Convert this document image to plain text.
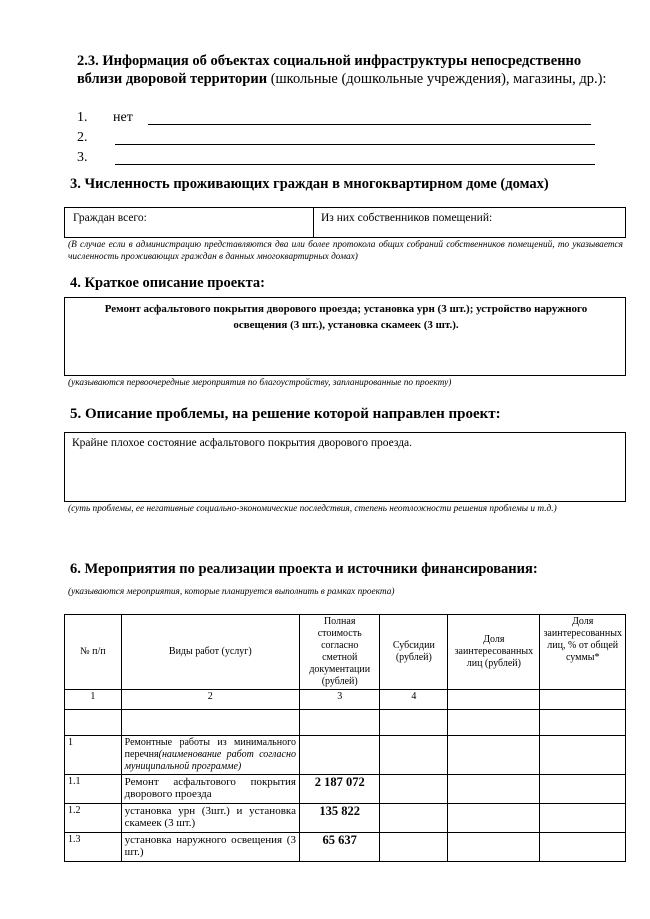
2.3. Информация об объектах социальной инфраструктуры непосредственно вблизи дворовой территории (школьные (дошкольные учреждения), магазины, др.):
1. нет
2.
3.
3. Численность проживающих граждан в многоквартирном доме (домах)
Граждан всего:	Из них собственников помещений:
(В случае если в администрацию представляются два или более протокола общих собраний собственников помещений, то указывается численность проживающих граждан в данных многоквартирных домах)
4. Краткое описание проекта:
Ремонт асфальтового покрытия дворового проезда; установка урн (3 шт.); устройство наружного освещения (3 шт.), установка скамеек (3 шт.).
(указываются первоочередные мероприятия по благоустройству, запланированные по проекту)
5. Описание проблемы, на решение которой направлен проект:
Крайне плохое состояние асфальтового покрытия дворового проезда.
(суть проблемы, ее негативные социально-экономические последствия, степень неотложности решения проблемы и т.д.)
6. Мероприятия по реализации проекта и источники финансирования:
(указываются мероприятия, которые планируется выполнить в рамках проекта)
№ п/п	Виды работ (услуг)	Полная стоимость согласно сметной документации (рублей)	Субсидии (рублей)	Доля заинтересованных лиц (рублей)	Доля заинтересованных лиц, % от общей суммы*
1	2	3	4		

1	Ремонтные работы из минимального перечня(наименование работ согласно муниципальной программе)				
1.1	Ремонт асфальтового покрытия дворового проезда	2 187 072			
1.2	установка урн (3шт.) и установка скамеек (3 шт.)	135 822			
1.3	установка наружного освещения (3 шт.)	65 637			
